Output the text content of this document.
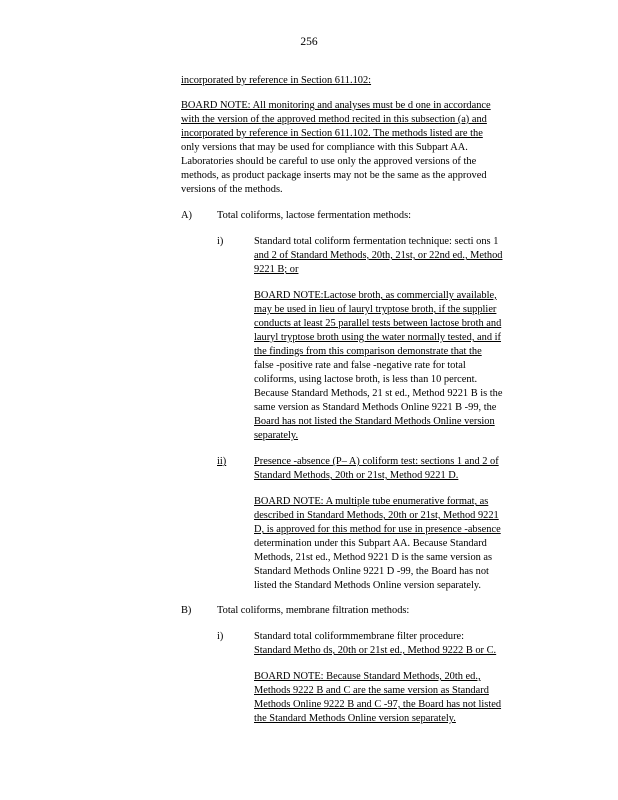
256
incorporated by reference in Section 611.102:
BOARD NOTE: All monitoring and analyses must be d one in accordance
with the version of the approved method recited in this subsection (a) and
incorporated by reference in Section 611.102. The methods listed are the
only versions that may be used for compliance with this Subpart AA.
Laboratories should be careful to use only the approved versions of the
methods, as product package inserts may not be the same as the approved
versions of the methods.
A) Total coliforms, lactose fermentation methods:
i)	Standard total coliform fermentation technique: secti ons 1
and 2 of Standard Methods, 20th, 21st, or 22nd ed., Method
9221 B; or
BOARD NOTE:Lactose broth, as commercially available,
may be used in lieu of lauryl tryptose broth, if the supplier
conducts at least 25 parallel tests between lactose broth and
lauryl tryptose broth using the water normally tested, and if
the findings from this comparison demonstrate that the
false -positive rate and false -negative rate for total
coliforms, using lactose broth, is less than 10 percent.
Because Standard Methods, 21 st ed., Method 9221 B is the
same version as Standard Methods Online 9221 B -99, the
Board has not listed the Standard Methods Online version
separately.
ii)	Presence -absence (P– A) coliform test: sections 1 and 2 of
Standard Methods, 20th or 21st, Method 9221 D.
BOARD NOTE: A multiple tube enumerative format, as
described in Standard Methods, 20th or 21st, Method 9221
D, is approved for this method for use in presence -absence
determination under this Subpart AA. Because Standard
Methods, 21st ed., Method 9221 D is the same version as
Standard Methods Online 9221 D -99, the Board has not
listed the Standard Methods Online version separately.
B) Total coliforms, membrane filtration methods:
i)	Standard total coliformmembrane filter procedure:
Standard Metho ds, 20th or 21st ed., Method 9222 B or C.
BOARD NOTE: Because Standard Methods, 20th ed.,
Methods 9222 B and C are the same version as Standard
Methods Online 9222 B and C -97, the Board has not listed
the Standard Methods Online version separately.
